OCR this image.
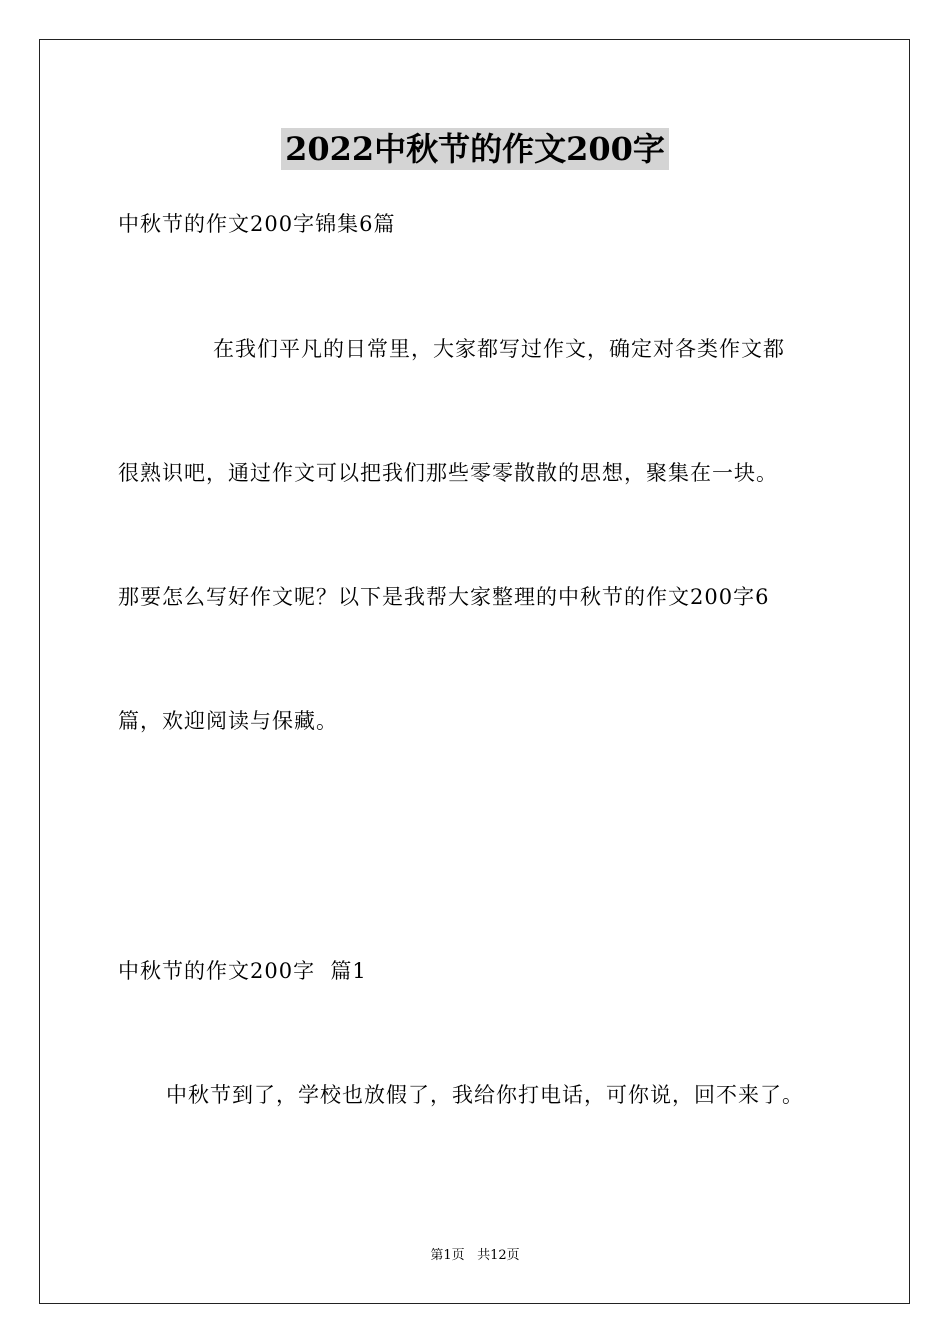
2022中秋节的作文200字
中秋节的作文200字锦集6篇
在我们平凡的日常里，大家都写过作文，确定对各类作文都
很熟识吧，通过作文可以把我们那些零零散散的思想，聚集在一块。
那要怎么写好作文呢？以下是我帮大家整理的中秋节的作文200字6
篇，欢迎阅读与保藏。
中秋节的作文200字  篇1
中秋节到了，学校也放假了，我给你打电话，可你说，回不来了。
第1页 共12页
